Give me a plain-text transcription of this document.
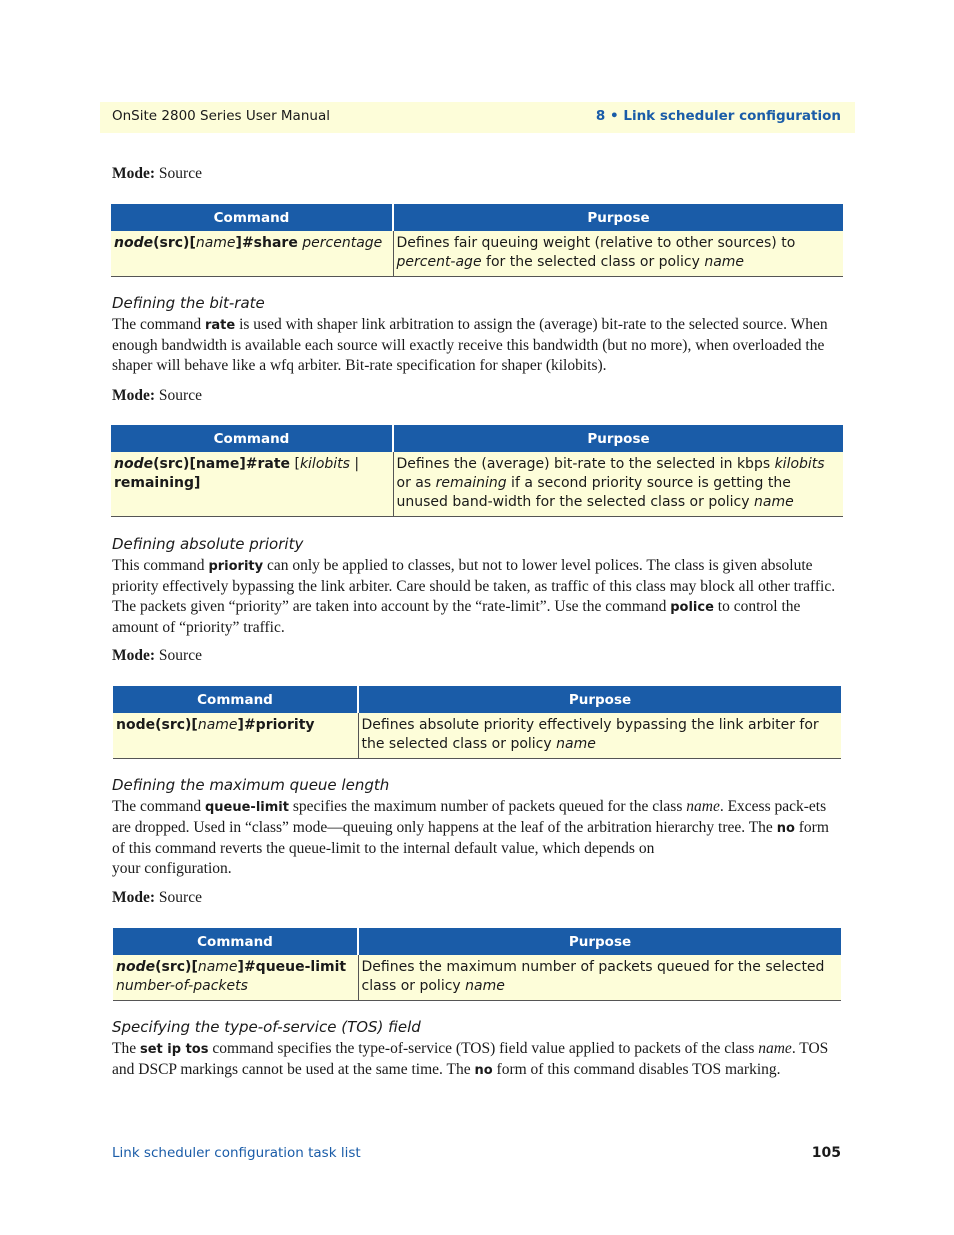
OnSite 2800 Series User Manual	8 • Link scheduler configuration
Mode: Source
Command	Purpose
node(src)[name]#share percentage	Defines fair queuing weight (relative to other sources) to percent-age for the selected class or policy name
Defining the bit-rate
The command rate is used with shaper link arbitration to assign the (average) bit-rate to the selected source. When enough bandwidth is available each source will exactly receive this bandwidth (but no more), when overloaded the shaper will behave like a wfq arbiter. Bit-rate specification for shaper (kilobits).
Mode: Source
Command	Purpose
node(src)[name]#rate [kilobits |
remaining]	Defines the (average) bit-rate to the selected in kbps kilobits or as remaining if a second priority source is getting the unused band-width for the selected class or policy name
Defining absolute priority
This command priority can only be applied to classes, but not to lower level polices. The class is given absolute priority effectively bypassing the link arbiter. Care should be taken, as traffic of this class may block all other traffic. The packets given “priority” are taken into account by the “rate-limit”. Use the command police to control the amount of “priority” traffic.
Mode: Source
Command	Purpose
node(src)[name]#priority	Defines absolute priority effectively bypassing the link arbiter for the selected class or policy name
Defining the maximum queue length
The command queue-limit specifies the maximum number of packets queued for the class name. Excess pack-ets are dropped. Used in “class” mode—queuing only happens at the leaf of the arbitration hierarchy tree. The no form of this command reverts the queue-limit to the internal default value, which depends on
your configuration.
Mode: Source
Command	Purpose
node(src)[name]#queue-limit
number-of-packets	Defines the maximum number of packets queued for the selected class or policy name
Specifying the type-of-service (TOS) field
The set ip tos command specifies the type-of-service (TOS) field value applied to packets of the class name. TOS and DSCP markings cannot be used at the same time. The no form of this command disables TOS marking.
Link scheduler configuration task list	105
